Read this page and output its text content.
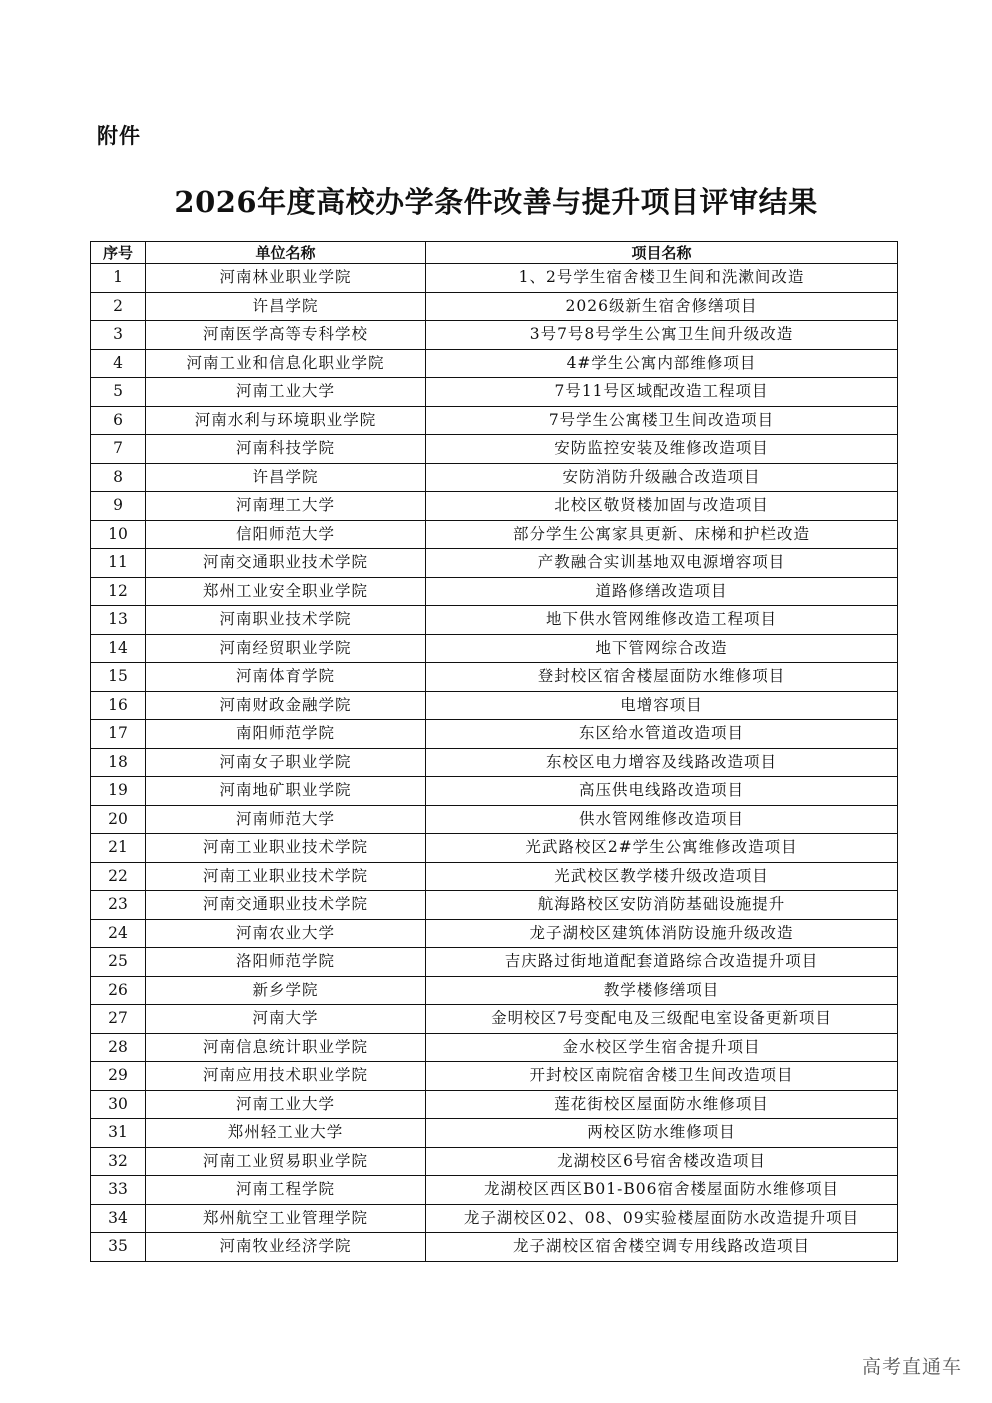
附件
2026年度高校办学条件改善与提升项目评审结果
序号	单位名称	项目名称
1	河南林业职业学院	1、2号学生宿舍楼卫生间和洗漱间改造
2	许昌学院	2026级新生宿舍修缮项目
3	河南医学高等专科学校	3号7号8号学生公寓卫生间升级改造
4	河南工业和信息化职业学院	4#学生公寓内部维修项目
5	河南工业大学	7号11号区域配改造工程项目
6	河南水利与环境职业学院	7号学生公寓楼卫生间改造项目
7	河南科技学院	安防监控安装及维修改造项目
8	许昌学院	安防消防升级融合改造项目
9	河南理工大学	北校区敬贤楼加固与改造项目
10	信阳师范大学	部分学生公寓家具更新、床梯和护栏改造
11	河南交通职业技术学院	产教融合实训基地双电源增容项目
12	郑州工业安全职业学院	道路修缮改造项目
13	河南职业技术学院	地下供水管网维修改造工程项目
14	河南经贸职业学院	地下管网综合改造
15	河南体育学院	登封校区宿舍楼屋面防水维修项目
16	河南财政金融学院	电增容项目
17	南阳师范学院	东区给水管道改造项目
18	河南女子职业学院	东校区电力增容及线路改造项目
19	河南地矿职业学院	高压供电线路改造项目
20	河南师范大学	供水管网维修改造项目
21	河南工业职业技术学院	光武路校区2#学生公寓维修改造项目
22	河南工业职业技术学院	光武校区教学楼升级改造项目
23	河南交通职业技术学院	航海路校区安防消防基础设施提升
24	河南农业大学	龙子湖校区建筑体消防设施升级改造
25	洛阳师范学院	吉庆路过街地道配套道路综合改造提升项目
26	新乡学院	教学楼修缮项目
27	河南大学	金明校区7号变配电及三级配电室设备更新项目
28	河南信息统计职业学院	金水校区学生宿舍提升项目
29	河南应用技术职业学院	开封校区南院宿舍楼卫生间改造项目
30	河南工业大学	莲花街校区屋面防水维修项目
31	郑州轻工业大学	两校区防水维修项目
32	河南工业贸易职业学院	龙湖校区6号宿舍楼改造项目
33	河南工程学院	龙湖校区西区B01-B06宿舍楼屋面防水维修项目
34	郑州航空工业管理学院	龙子湖校区02、08、09实验楼屋面防水改造提升项目
35	河南牧业经济学院	龙子湖校区宿舍楼空调专用线路改造项目
高考直通车
